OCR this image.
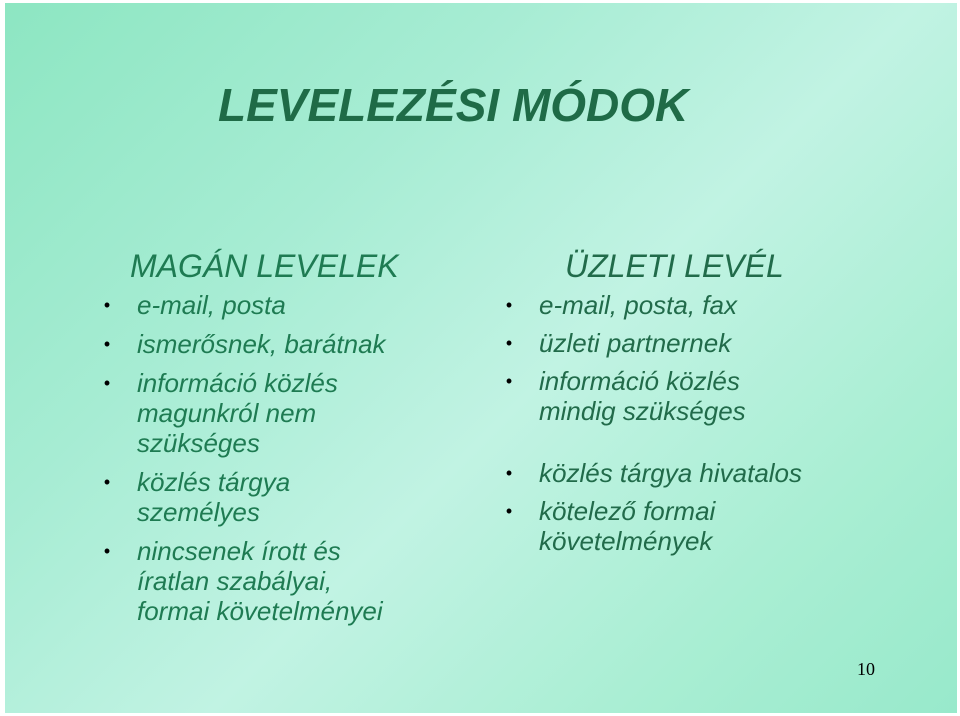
LEVELEZÉSI MÓDOK
MAGÁN LEVELEK
• e-mail, posta
• ismerősnek, barátnak
• információ közlés
magunkról nem
szükséges
• közlés tárgya
személyes
• nincsenek írott és
íratlan szabályai,
formai követelményei
ÜZLETI LEVÉL
• e-mail, posta, fax
• üzleti partnernek
• információ közlés
mindig szükséges
• közlés tárgya hivatalos
• kötelező formai
követelmények
10
